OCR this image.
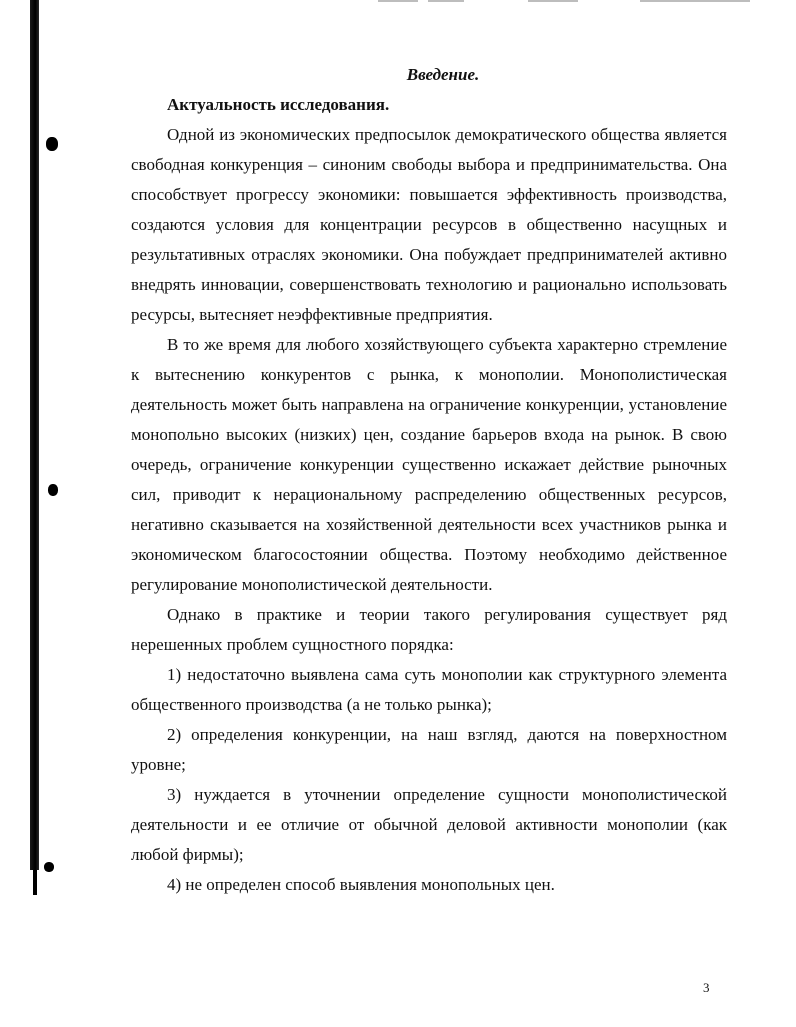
Введение.
Актуальность исследования.

Одной из экономических предпосылок демократического общества является свободная конкуренция – синоним свободы выбора и предпринимательства. Она способствует прогрессу экономики: повышается эффективность производства, создаются условия для концентрации ресурсов в общественно насущных и результативных отраслях экономики. Она побуждает предпринимателей активно внедрять инновации, совершенствовать технологию и рационально использовать ресурсы, вытесняет неэффективные предприятия.

В то же время для любого хозяйствующего субъекта характерно стремление к вытеснению конкурентов с рынка, к монополии. Монополистическая деятельность может быть направлена на ограничение конкуренции, установление монопольно высоких (низких) цен, создание барьеров входа на рынок. В свою очередь, ограничение конкуренции существенно искажает действие рыночных сил, приводит к нерациональному распределению общественных ресурсов, негативно сказывается на хозяйственной деятельности всех участников рынка и экономическом благосостоянии общества. Поэтому необходимо действенное регулирование монополистической деятельности.

Однако в практике и теории такого регулирования существует ряд нерешенных проблем сущностного порядка:

1) недостаточно выявлена сама суть монополии как структурного элемента общественного производства (а не только рынка);

2) определения конкуренции, на наш взгляд, даются на поверхностном уровне;

3) нуждается в уточнении определение сущности монополистической деятельности и ее отличие от обычной деловой активности монополии (как любой фирмы);

4) не определен способ выявления монопольных цен.

3
